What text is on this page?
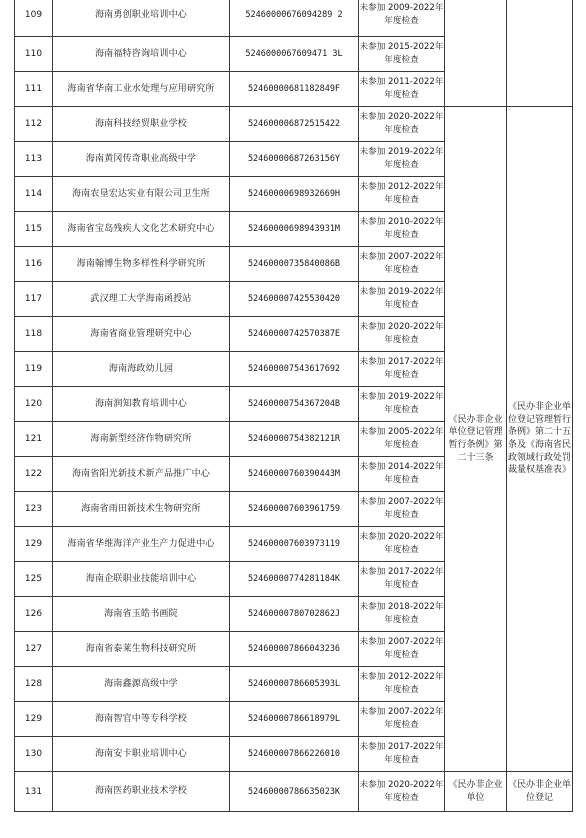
109	海南勇创职业培训中心	52460000676094289 2	未参加 2009-2022年年度检查		
110	海南福特咨询培训中心	5246000067609471 3L	未参加 2015-2022年年度检查		
111	海南省华南工业水处理与应用研究所	52460000681182849F	未参加 2011-2022年年度检查		
112	海南科技经贸职业学校	524600006872515422	未参加 2020-2022年年度检查	《民办非企业单位登记管理暂行条例》第二十三条	《民办非企业单位登记管理暂行条例》第二十五条及《海南省民政领域行政处罚裁量权基准表》
113	海南黄冈传奇职业高级中学	52460000687263156Y	未参加 2019-2022年年度检查		
114	海南农垦宏达实业有限公司卫生所	52460000698932669H	未参加 2012-2022年年度检查		
115	海南省宝岛残疾人文化艺术研究中心	52460000698943931M	未参加 2010-2022年年度检查		
116	海南翰博生物多样性科学研究所	52460000735840086B	未参加 2007-2022年年度检查		
117	武汉理工大学海南函授站	524600007425530420	未参加 2019-2022年年度检查		
118	海南省商业管理研究中心	52460000742570387E	未参加 2020-2022年年度检查		
119	海南海政幼儿园	524600007543617692	未参加 2017-2022年年度检查		
120	海南润知教育培训中心	52460000754367204B	未参加 2019-2022年年度检查		
121	海南新型经济作物研究所	52460000754382121R	未参加 2005-2022年年度检查		
122	海南省阳光新技术新产品推广中心	52460000760390443M	未参加 2014-2022年年度检查		
123	海南省雨田新技术生物研究所	524600007603961759	未参加 2007-2022年年度检查		
129	海南省华维海洋产业生产力促进中心	524600007603973119	未参加 2020-2022年年度检查		
125	海南企联职业技能培训中心	52460000774281184K	未参加 2017-2022年年度检查		
126	海南省玉皓书画院	52460000780702862J	未参加 2018-2022年年度检查		
127	海南省泰莱生物科技研究所	524600007866043236	未参加 2007-2022年年度检查		
128	海南鑫源高级中学	52460000786605393L	未参加 2012-2022年年度检查		
129	海南智官中等专科学校	52460000786618979L	未参加 2007-2022年年度检查		
130	海南安卡职业培训中心	524600007866226010	未参加 2017-2022年年度检查		
131	海南医药职业技术学校	52460000786635023K	未参加 2020-2022年年度检查	《民办非企业单位	《民办非企业单位登记
